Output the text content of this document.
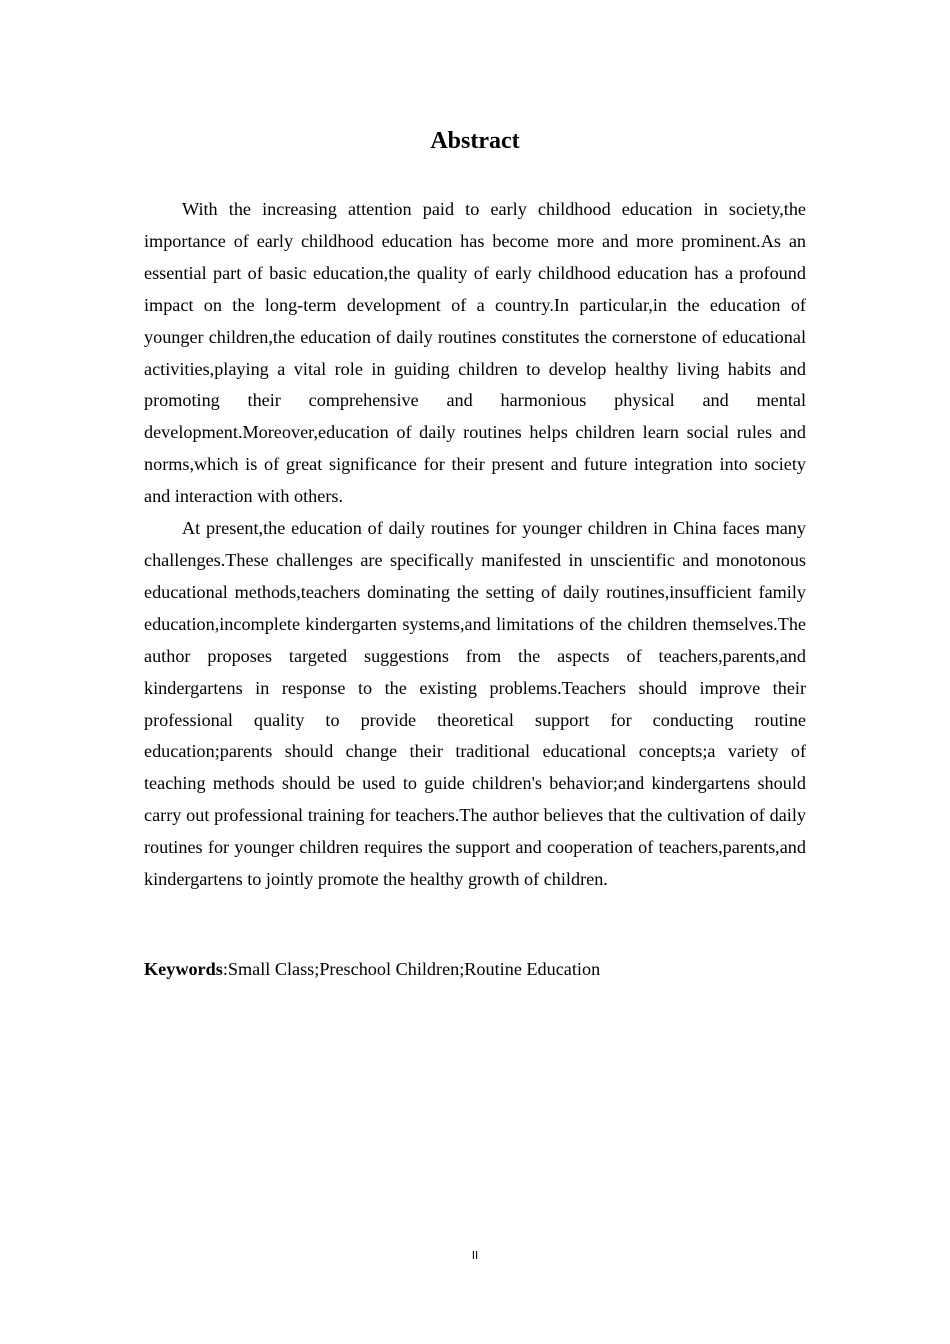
Abstract

With the increasing attention paid to early childhood education in society,the importance of early childhood education has become more and more prominent.As an essential part of basic education,the quality of early childhood education has a profound impact on the long-term development of a country.In particular,in the education of younger children,the education of daily routines constitutes the cornerstone of educational activities,playing a vital role in guiding children to develop healthy living habits and promoting their comprehensive and harmonious physical and mental development.Moreover,education of daily routines helps children learn social rules and norms,which is of great significance for their present and future integration into society and interaction with others.

At present,the education of daily routines for younger children in China faces many challenges.These challenges are specifically manifested in unscientific and monotonous educational methods,teachers dominating the setting of daily routines,insufficient family education,incomplete kindergarten systems,and limitations of the children themselves.The author proposes targeted suggestions from the aspects of teachers,parents,and kindergartens in response to the existing problems.Teachers should improve their professional quality to provide theoretical support for conducting routine education;parents should change their traditional educational concepts;a variety of teaching methods should be used to guide children's behavior;and kindergartens should carry out professional training for teachers.The author believes that the cultivation of daily routines for younger children requires the support and cooperation of teachers,parents,and kindergartens to jointly promote the healthy growth of children.

Keywords:Small Class;Preschool Children;Routine Education

II
